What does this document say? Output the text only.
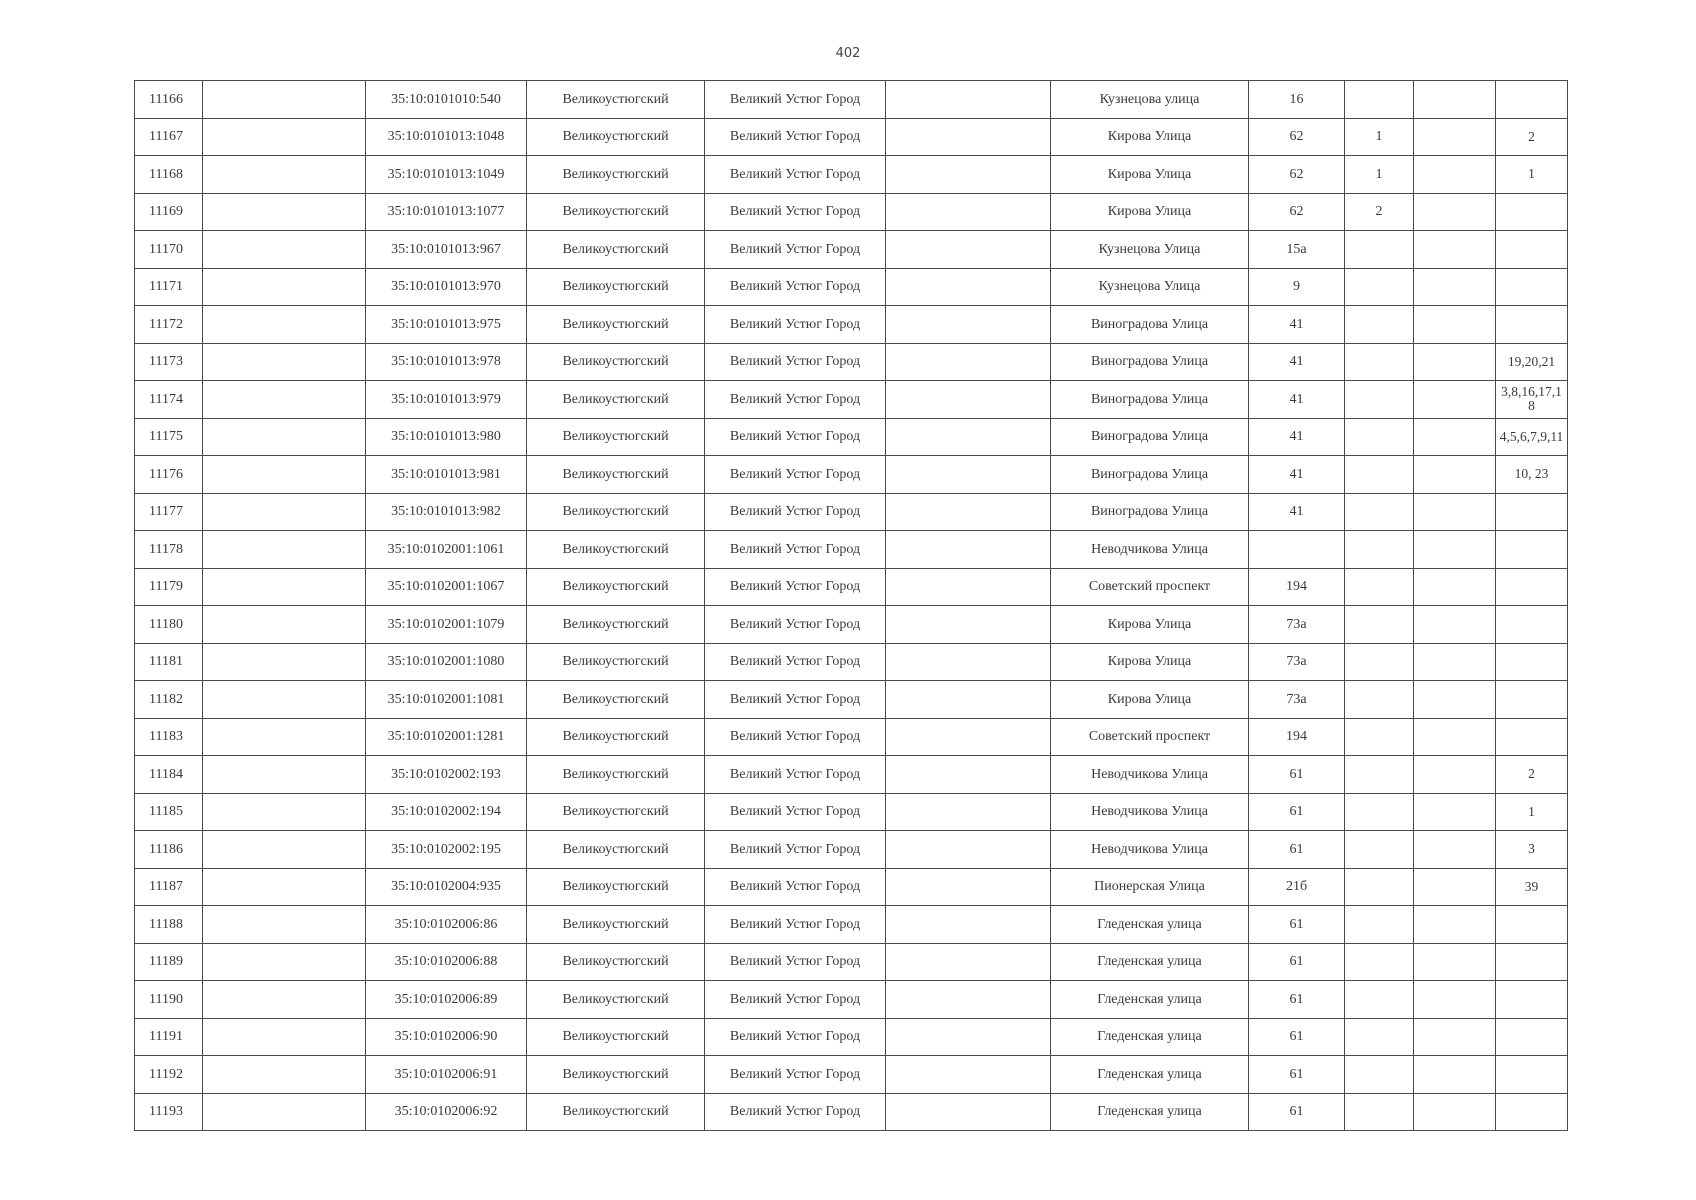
402
11166		35:10:0101010:540	Великоустюгский	Великий Устюг Город		Кузнецова улица	16			
11167		35:10:0101013:1048	Великоустюгский	Великий Устюг Город		Кирова Улица	62	1		2
11168		35:10:0101013:1049	Великоустюгский	Великий Устюг Город		Кирова Улица	62	1		1
11169		35:10:0101013:1077	Великоустюгский	Великий Устюг Город		Кирова Улица	62	2		
11170		35:10:0101013:967	Великоустюгский	Великий Устюг Город		Кузнецова Улица	15а			
11171		35:10:0101013:970	Великоустюгский	Великий Устюг Город		Кузнецова Улица	9			
11172		35:10:0101013:975	Великоустюгский	Великий Устюг Город		Виноградова Улица	41			
11173		35:10:0101013:978	Великоустюгский	Великий Устюг Город		Виноградова Улица	41			19,20,21
11174		35:10:0101013:979	Великоустюгский	Великий Устюг Город		Виноградова Улица	41			3,8,16,17,18
11175		35:10:0101013:980	Великоустюгский	Великий Устюг Город		Виноградова Улица	41			4,5,6,7,9,11
11176		35:10:0101013:981	Великоустюгский	Великий Устюг Город		Виноградова Улица	41			10, 23
11177		35:10:0101013:982	Великоустюгский	Великий Устюг Город		Виноградова Улица	41			
11178		35:10:0102001:1061	Великоустюгский	Великий Устюг Город		Неводчикова Улица				
11179		35:10:0102001:1067	Великоустюгский	Великий Устюг Город		Советский проспект	194			
11180		35:10:0102001:1079	Великоустюгский	Великий Устюг Город		Кирова Улица	73а			
11181		35:10:0102001:1080	Великоустюгский	Великий Устюг Город		Кирова Улица	73а			
11182		35:10:0102001:1081	Великоустюгский	Великий Устюг Город		Кирова Улица	73а			
11183		35:10:0102001:1281	Великоустюгский	Великий Устюг Город		Советский проспект	194			
11184		35:10:0102002:193	Великоустюгский	Великий Устюг Город		Неводчикова Улица	61			2
11185		35:10:0102002:194	Великоустюгский	Великий Устюг Город		Неводчикова Улица	61			1
11186		35:10:0102002:195	Великоустюгский	Великий Устюг Город		Неводчикова Улица	61			3
11187		35:10:0102004:935	Великоустюгский	Великий Устюг Город		Пионерская Улица	21б			39
11188		35:10:0102006:86	Великоустюгский	Великий Устюг Город		Гледенская улица	61			
11189		35:10:0102006:88	Великоустюгский	Великий Устюг Город		Гледенская улица	61			
11190		35:10:0102006:89	Великоустюгский	Великий Устюг Город		Гледенская улица	61			
11191		35:10:0102006:90	Великоустюгский	Великий Устюг Город		Гледенская улица	61			
11192		35:10:0102006:91	Великоустюгский	Великий Устюг Город		Гледенская улица	61			
11193		35:10:0102006:92	Великоустюгский	Великий Устюг Город		Гледенская улица	61			
